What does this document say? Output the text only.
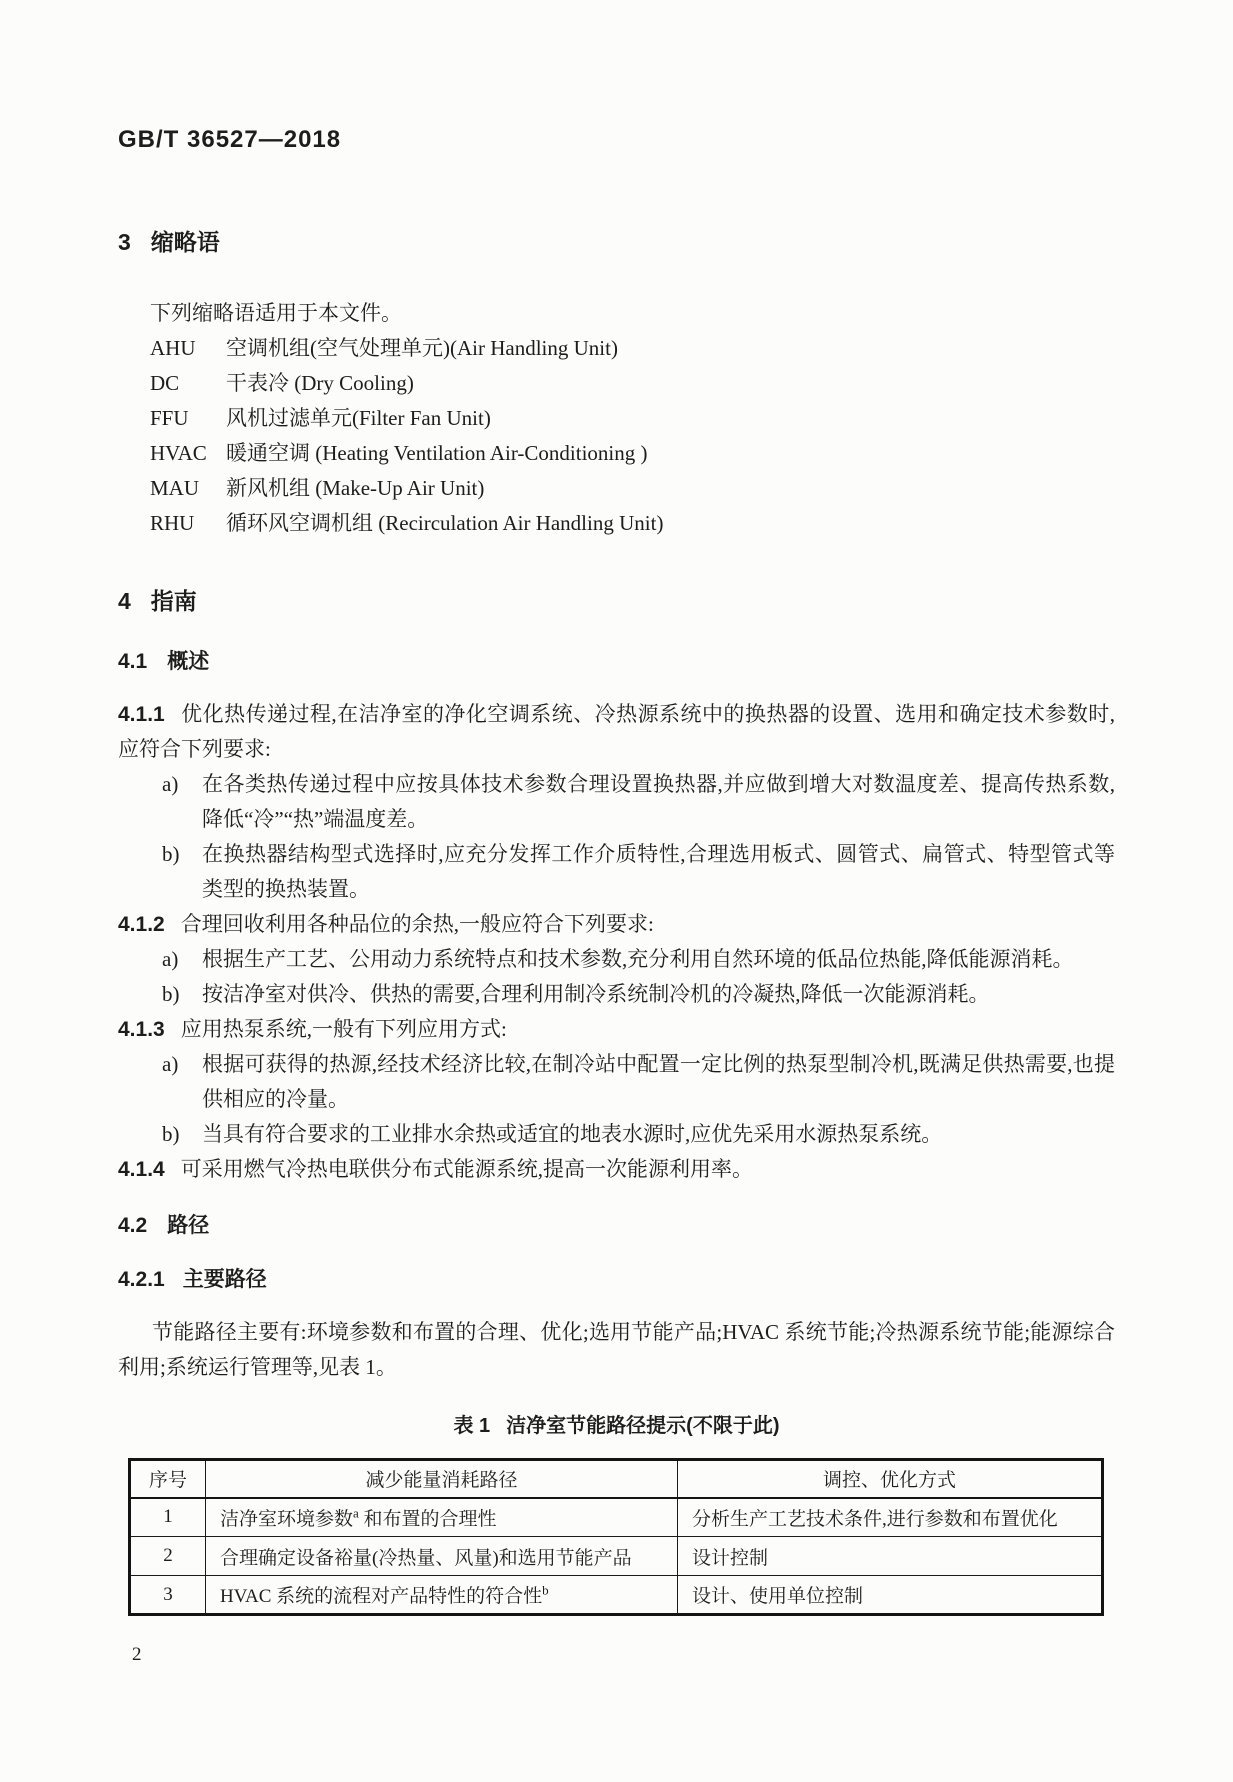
GB/T 36527—2018
3 缩略语
下列缩略语适用于本文件。
AHU 空调机组(空气处理单元)(Air Handling Unit)
DC 干表冷 (Dry Cooling)
FFU 风机过滤单元(Filter Fan Unit)
HVAC 暖通空调 (Heating Ventilation Air-Conditioning )
MAU 新风机组 (Make-Up Air Unit)
RHU 循环风空调机组 (Recirculation Air Handling Unit)
4 指南
4.1 概述

4.1.1 优化热传递过程,在洁净室的净化空调系统、冷热源系统中的换热器的设置、选用和确定技术参数时,应符合下列要求:

a)	在各类热传递过程中应按具体技术参数合理设置换热器,并应做到增大对数温度差、提高传热系数,降低“冷”“热”端温度差。

b)	在换热器结构型式选择时,应充分发挥工作介质特性,合理选用板式、圆管式、扁管式、特型管式等类型的换热装置。

4.1.2 合理回收利用各种品位的余热,一般应符合下列要求:

a)	根据生产工艺、公用动力系统特点和技术参数,充分利用自然环境的低品位热能,降低能源消耗。

b)	按洁净室对供冷、供热的需要,合理利用制冷系统制冷机的冷凝热,降低一次能源消耗。

4.1.3 应用热泵系统,一般有下列应用方式:

a)	根据可获得的热源,经技术经济比较,在制冷站中配置一定比例的热泵型制冷机,既满足供热需要,也提供相应的冷量。

b)	当具有符合要求的工业排水余热或适宜的地表水源时,应优先采用水源热泵系统。

4.1.4 可采用燃气冷热电联供分布式能源系统,提高一次能源利用率。

4.2 路径
4.2.1 主要路径

节能路径主要有:环境参数和布置的合理、优化;选用节能产品;HVAC 系统节能;冷热源系统节能;能源综合利用;系统运行管理等,见表 1。

表 1 洁净室节能路径提示(不限于此)
序号	减少能量消耗路径	调控、优化方式
1	洁净室环境参数$^a$ 和布置的合理性	分析生产工艺技术条件,进行参数和布置优化
2	合理确定设备裕量(冷热量、风量)和选用节能产品	设计控制
3	HVAC 系统的流程对产品特性的符合性$^b$	设计、使用单位控制
2
